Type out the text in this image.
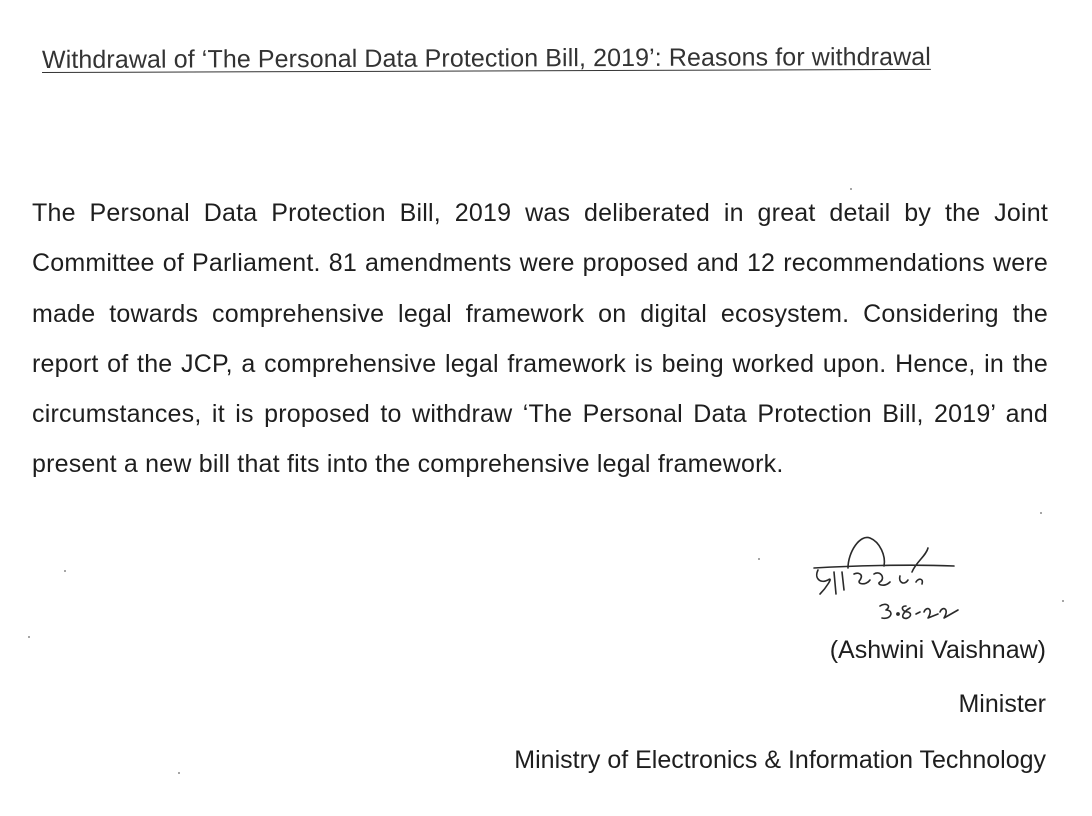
Withdrawal of ‘The Personal Data Protection Bill, 2019’: Reasons for withdrawal
The Personal Data Protection Bill, 2019 was deliberated in great detail by the Joint Committee of Parliament. 81 amendments were proposed and 12 recommendations were made towards comprehensive legal framework on digital ecosystem. Considering the report of the JCP, a comprehensive legal framework is being worked upon. Hence, in the circumstances, it is proposed to withdraw ‘The Personal Data Protection Bill, 2019’ and present a new bill that fits into the comprehensive legal framework.
(Ashwini Vaishnaw)
Minister
Ministry of Electronics & Information Technology
